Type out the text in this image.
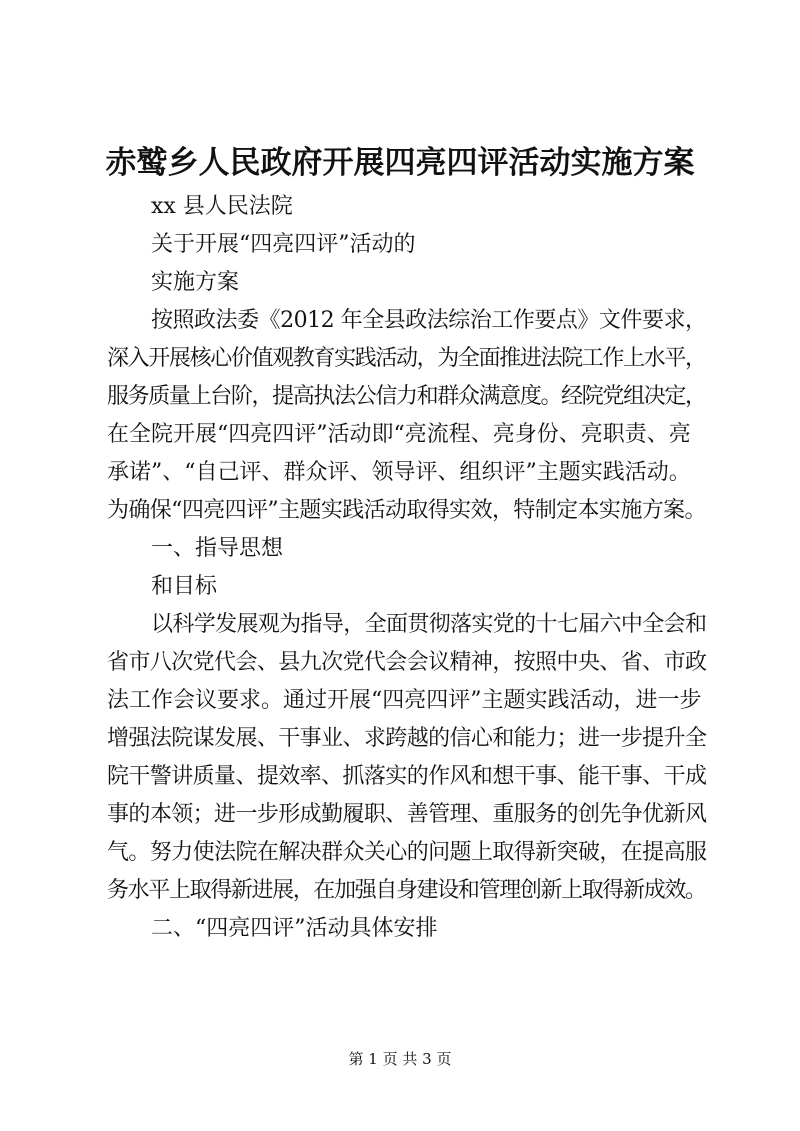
赤鹫乡人民政府开展四亮四评活动实施方案
xx 县人民法院
关于开展“四亮四评”活动的
实施方案
按照政法委《2012 年全县政法综治工作要点》文件要求，
深入开展核心价值观教育实践活动，为全面推进法院工作上水平，
服务质量上台阶，提高执法公信力和群众满意度。经院党组决定，
在全院开展“四亮四评”活动即“亮流程、亮身份、亮职责、亮
承诺”、“自己评、群众评、领导评、组织评”主题实践活动。
为确保“四亮四评”主题实践活动取得实效，特制定本实施方案。
一、指导思想
和目标
以科学发展观为指导，全面贯彻落实党的十七届六中全会和
省市八次党代会、县九次党代会会议精神，按照中央、省、市政
法工作会议要求。通过开展“四亮四评”主题实践活动，进一步
增强法院谋发展、干事业、求跨越的信心和能力；进一步提升全
院干警讲质量、提效率、抓落实的作风和想干事、能干事、干成
事的本领；进一步形成勤履职、善管理、重服务的创先争优新风
气。努力使法院在解决群众关心的问题上取得新突破，在提高服
务水平上取得新进展，在加强自身建设和管理创新上取得新成效。
二、“四亮四评”活动具体安排
第 1 页 共 3 页
